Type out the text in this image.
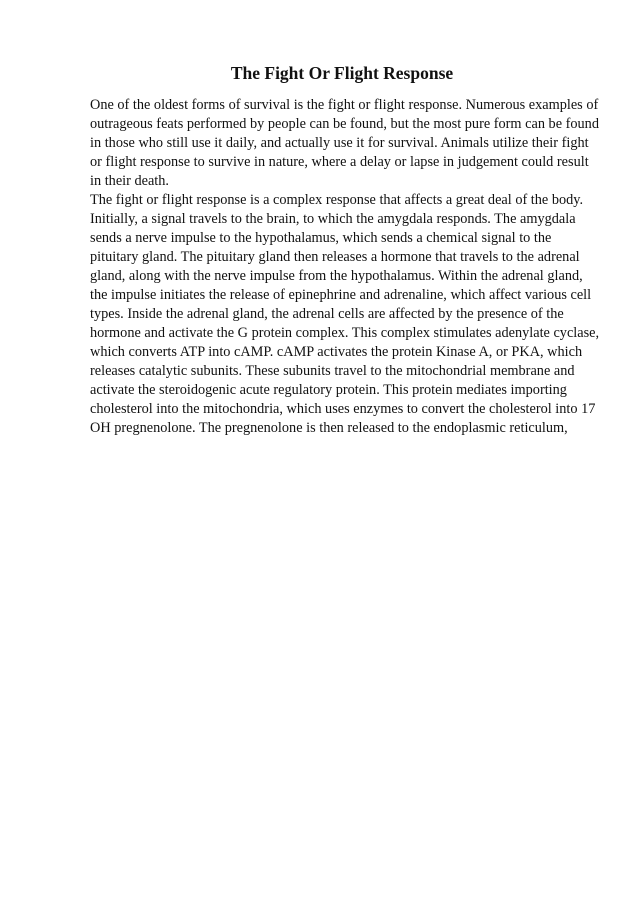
The Fight Or Flight Response

One of the oldest forms of survival is the fight or flight response. Numerous examples of outrageous feats performed by people can be found, but the most pure form can be found in those who still use it daily, and actually use it for survival. Animals utilize their fight or flight response to survive in nature, where a delay or lapse in judgement could result in their death.

The fight or flight response is a complex response that affects a great deal of the body. Initially, a signal travels to the brain, to which the amygdala responds. The amygdala sends a nerve impulse to the hypothalamus, which sends a chemical signal to the pituitary gland. The pituitary gland then releases a hormone that travels to the adrenal gland, along with the nerve impulse from the hypothalamus. Within the adrenal gland, the impulse initiates the release of epinephrine and adrenaline, which affect various cell types. Inside the adrenal gland, the adrenal cells are affected by the presence of the hormone and activate the G protein complex. This complex stimulates adenylate cyclase, which converts ATP into cAMP. cAMP activates the protein Kinase A, or PKA, which releases catalytic subunits. These subunits travel to the mitochondrial membrane and activate the steroidogenic acute regulatory protein. This protein mediates importing cholesterol into the mitochondria, which uses enzymes to convert the cholesterol into 17 OH pregnenolone. The pregnenolone is then released to the endoplasmic reticulum,
